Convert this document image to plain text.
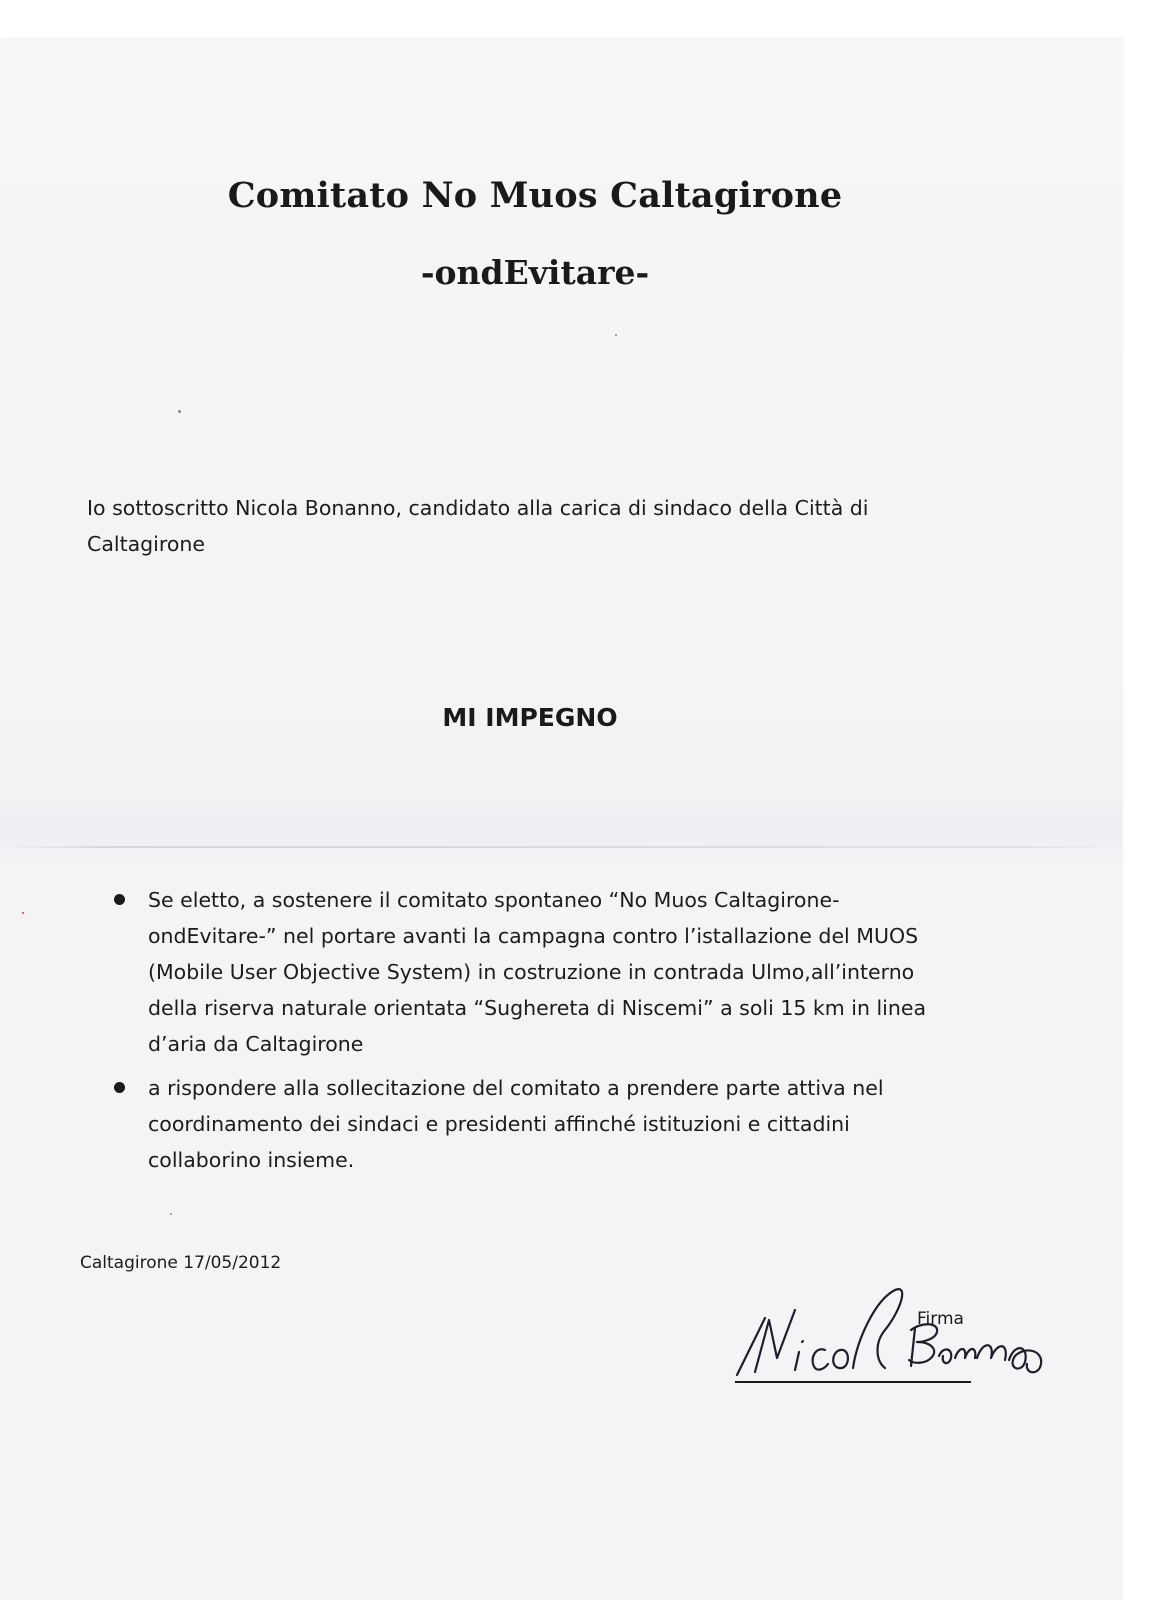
Comitato No Muos Caltagirone
-ondEvitare-

Io sottoscritto Nicola Bonanno, candidato alla carica di sindaco della Città di Caltagirone

MI IMPEGNO
Se eletto, a sostenere il comitato spontaneo “No Muos Caltagirone-ondEvitare-” nel portare avanti la campagna contro l’istallazione del MUOS (Mobile User Objective System) in costruzione in contrada Ulmo,all’interno della riserva naturale orientata “Sughereta di Niscemi” a soli 15 km in linea d’aria da Caltagirone
a rispondere alla sollecitazione del comitato a prendere parte attiva nel coordinamento dei sindaci e presidenti affinché istituzioni e cittadini collaborino insieme.

Caltagirone 17/05/2012

Firma
